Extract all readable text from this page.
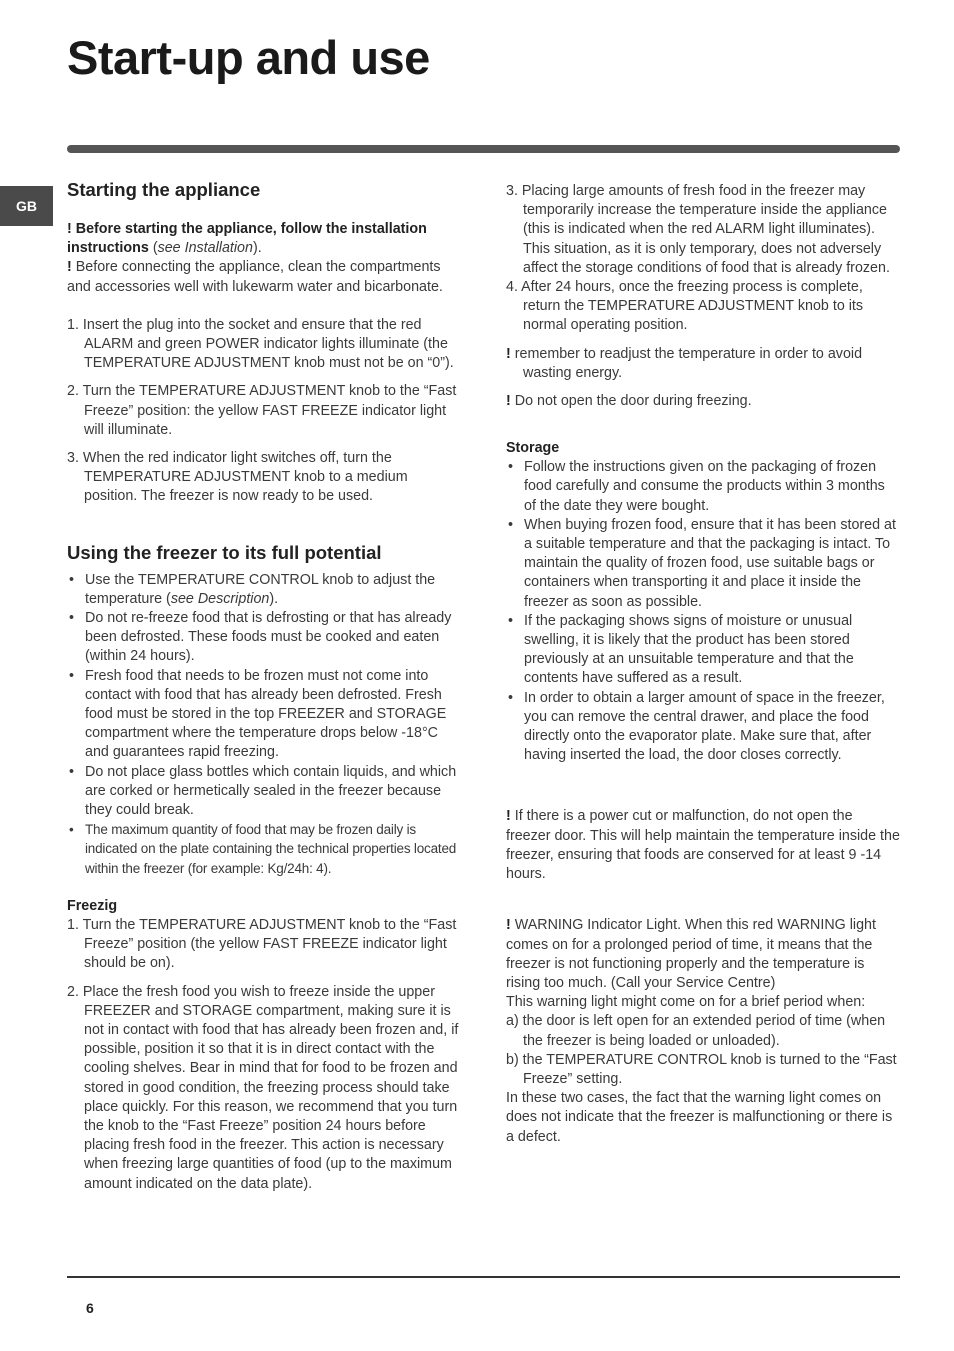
Start-up and use
GB
Starting the appliance

! Before starting the appliance, follow the installation instructions (see Installation).

! Before connecting the appliance, clean the compartments and accessories well with lukewarm water and bicarbonate.

1. Insert the plug into the socket and ensure that the red ALARM and green POWER indicator lights illuminate (the TEMPERATURE ADJUSTMENT knob must not be on “0”).
2. Turn the TEMPERATURE ADJUSTMENT knob to the “Fast Freeze” position: the yellow FAST FREEZE indicator light will illuminate.
3. When the red indicator light switches off, turn the TEMPERATURE ADJUSTMENT knob to a medium position. The freezer is now ready to be used.
Using the freezer to its full potential
• Use the TEMPERATURE CONTROL knob to adjust the temperature (see Description).
• Do not re-freeze food that is defrosting or that has already been defrosted. These foods must be cooked and eaten (within 24 hours).
• Fresh food that needs to be frozen must not come into contact with food that has already been defrosted. Fresh food must be stored in the top FREEZER and STORAGE compartment where the temperature drops below -18°C and guarantees rapid freezing.
• Do not place glass bottles which contain liquids, and which are corked or hermetically sealed in the freezer because they could break.
• The maximum quantity of food that may be frozen daily is indicated on the plate containing the technical properties located within the freezer (for example: Kg/24h: 4).
Freezig
1. Turn the TEMPERATURE ADJUSTMENT knob to the “Fast Freeze” position (the yellow FAST FREEZE indicator light should be on).
2. Place the fresh food you wish to freeze inside the upper FREEZER and STORAGE compartment, making sure it is not in contact with food that has already been frozen and, if possible, position it so that it is in direct contact with the cooling shelves. Bear in mind that for food to be frozen and stored in good condition, the freezing process should take place quickly. For this reason, we recommend that you turn the knob to the “Fast Freeze” position 24 hours before placing fresh food in the freezer. This action is necessary when freezing large quantities of food (up to the maximum amount indicated on the data plate).
3. Placing large amounts of fresh food in the freezer may temporarily increase the temperature inside the appliance (this is indicated when the red ALARM light illuminates). This situation, as it is only temporary, does not adversely affect the storage conditions of food that is already frozen.
4. After 24 hours, once the freezing process is complete, return the TEMPERATURE ADJUSTMENT knob to its normal operating position.

! remember to readjust the temperature in order to avoid wasting energy.

! Do not open the door during freezing.

Storage
• Follow the instructions given on the packaging of frozen food carefully and consume the products within 3 months of the date they were bought.
• When buying frozen food, ensure that it has been stored at a suitable temperature and that the packaging is intact. To maintain the quality of frozen food, use suitable bags or containers when transporting it and place it inside the freezer as soon as possible.
• If the packaging shows signs of moisture or unusual swelling, it is likely that the product has been stored previously at an unsuitable temperature and that the contents have suffered as a result.
• In order to obtain a larger amount of space in the freezer, you can remove the central drawer, and place the food directly onto the evaporator plate. Make sure that, after having inserted the load, the door closes correctly.

! If there is a power cut or malfunction, do not open the freezer door. This will help maintain the temperature inside the freezer, ensuring that foods are conserved for at least 9 -14 hours.

! WARNING Indicator Light. When this red WARNING light comes on for a prolonged period of time, it means that the freezer is not functioning properly and the temperature is rising too much. (Call your Service Centre)

This warning light might come on for a brief period when:

a) the door is left open for an extended period of time (when the freezer is being loaded or unloaded).
b) the TEMPERATURE CONTROL knob is turned to the “Fast Freeze” setting.

In these two cases, the fact that the warning light comes on does not indicate that the freezer is malfunctioning or there is a defect.

6
